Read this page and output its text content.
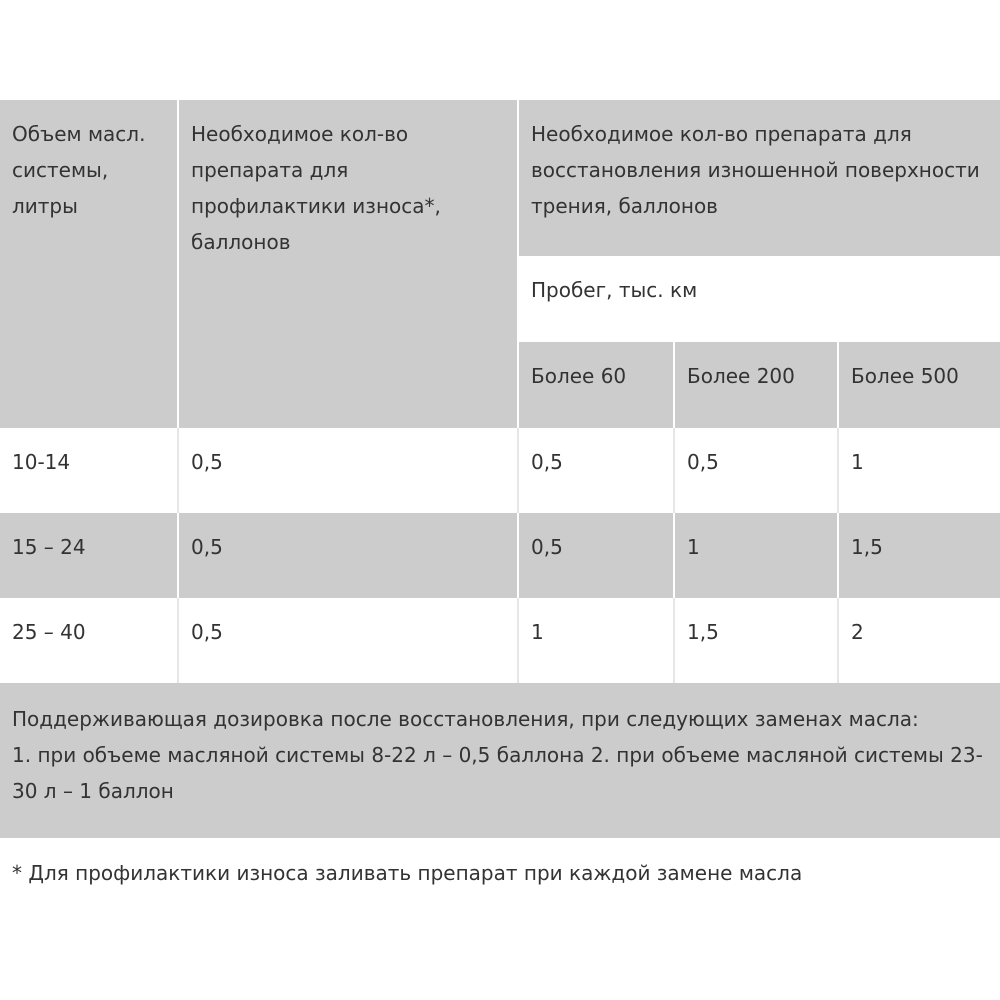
Объем масл. системы, литры	Необходимое кол-во препарата для профилактики износа*, баллонов	Необходимое кол-во препарата для восстановления изношенной поверхности трения, баллонов		

		Пробег, тыс. км		

		Более 60	Более 200	Более 500

10-14	0,5	0,5	0,5	1

15 – 24	0,5	0,5	1	1,5

25 – 40	0,5	1	1,5	2

Поддерживающая дозировка после восстановления, при следующих заменах масла:
1. при объеме масляной системы 8-22 л – 0,5 баллона 2. при объеме масляной системы 23-30 л – 1 баллон				
* Для профилактики износа заливать препарат при каждой замене масла
